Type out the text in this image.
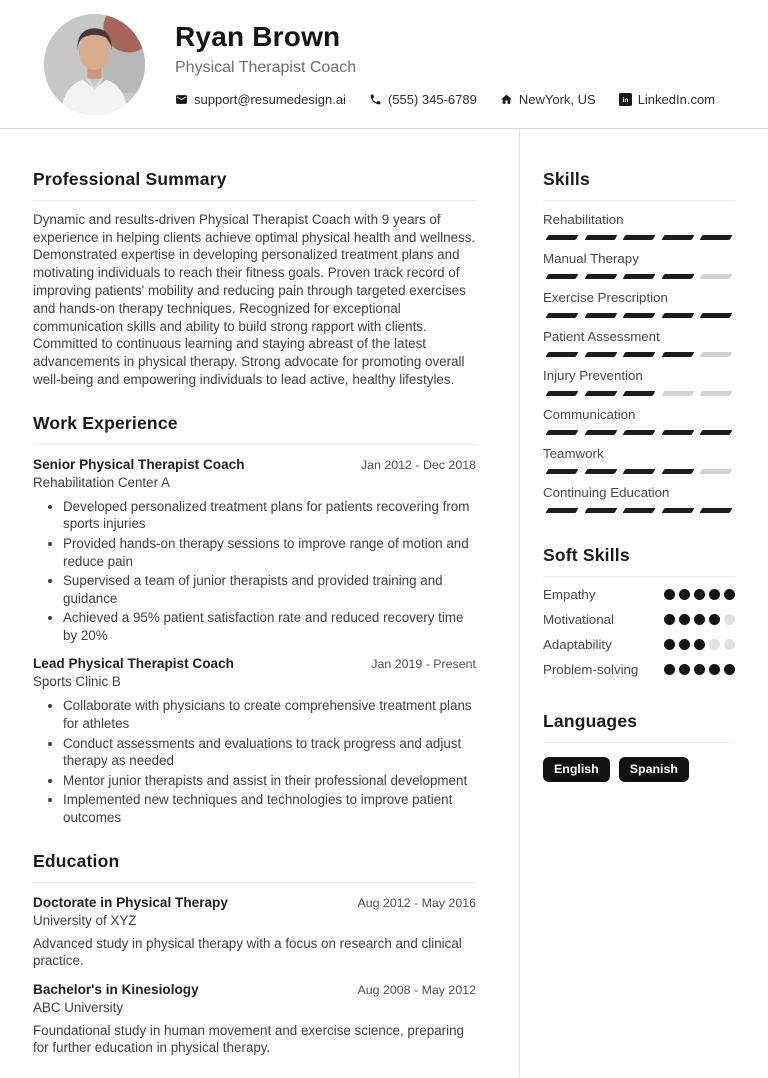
Ryan Brown
Physical Therapist Coach
support@resumedesign.ai	(555) 345-6789	NewYork, US in LinkedIn.com
Professional Summary

Dynamic and results-driven Physical Therapist Coach with 9 years of experience in helping clients achieve optimal physical health and wellness. Demonstrated expertise in developing personalized treatment plans and motivating individuals to reach their fitness goals. Proven track record of improving patients' mobility and reducing pain through targeted exercises and hands-on therapy techniques. Recognized for exceptional communication skills and ability to build strong rapport with clients. Committed to continuous learning and staying abreast of the latest advancements in physical therapy. Strong advocate for promoting overall well-being and empowering individuals to lead active, healthy lifestyles.

Work Experience
Senior Physical Therapist Coach	Jan 2012 - Dec 2018
Rehabilitation Center A
• Developed personalized treatment plans for patients recovering from sports injuries
• Provided hands-on therapy sessions to improve range of motion and reduce pain
• Supervised a team of junior therapists and provided training and guidance
• Achieved a 95% patient satisfaction rate and reduced recovery time by 20%
Lead Physical Therapist Coach	Jan 2019 - Present
Sports Clinic B
• Collaborate with physicians to create comprehensive treatment plans for athletes
• Conduct assessments and evaluations to track progress and adjust therapy as needed
• Mentor junior therapists and assist in their professional development
• Implemented new techniques and technologies to improve patient outcomes
Education
Doctorate in Physical Therapy	Aug 2012 - May 2016
University of XYZ
Advanced study in physical therapy with a focus on research and clinical practice.
Bachelor's in Kinesiology	Aug 2008 - May 2012
ABC University
Foundational study in human movement and exercise science, preparing for further education in physical therapy.
Skills
Rehabilitation
Manual Therapy
Exercise Prescription
Patient Assessment
Injury Prevention
Communication
Teamwork
Continuing Education
Soft Skills
Empathy
Motivational
Adaptability
Problem-solving
Languages
English	Spanish
